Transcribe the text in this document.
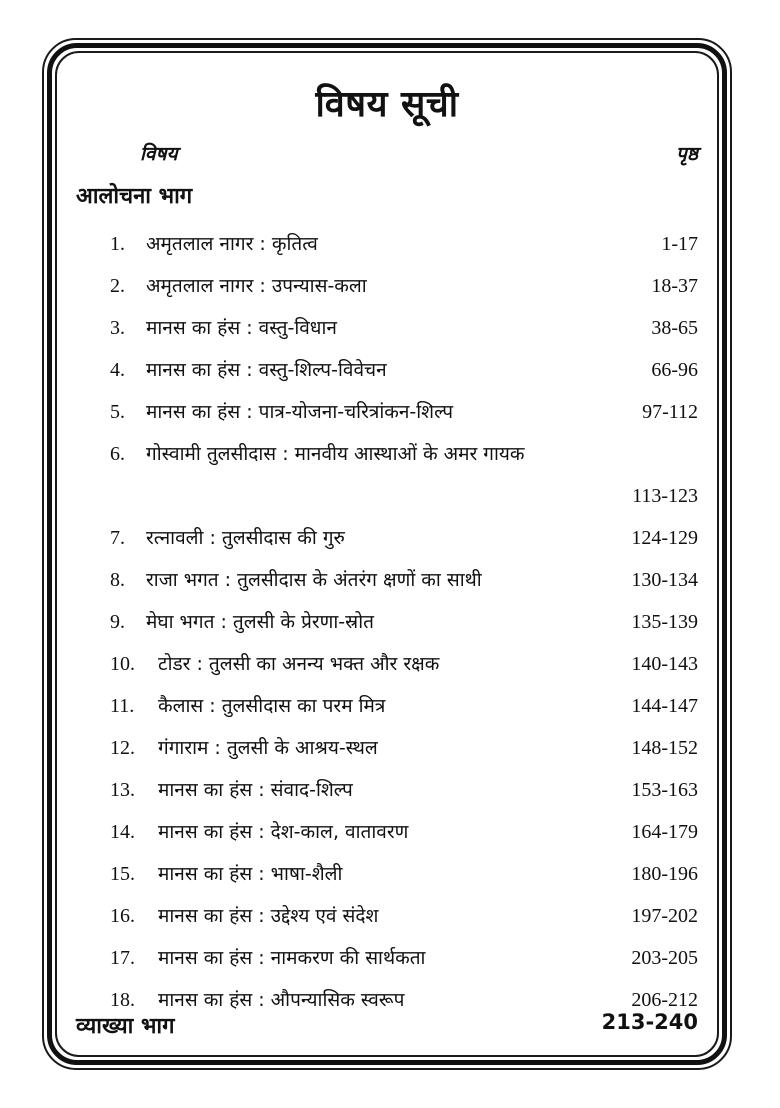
विषय सूची
विषय	पृष्ठ
आलोचना भाग
1. अमृतलाल नागर : कृतित्व	1-17
2. अमृतलाल नागर : उपन्यास-कला	18-37
3. मानस का हंस : वस्तु-विधान	38-65
4. मानस का हंस : वस्तु-शिल्प-विवेचन	66-96
5. मानस का हंस : पात्र-योजना-चरित्रांकन-शिल्प	97-112
6. गोस्वामी तुलसीदास : मानवीय आस्थाओं के अमर गायक
113-123
7. रत्नावली : तुलसीदास की गुरु	124-129
8. राजा भगत : तुलसीदास के अंतरंग क्षणों का साथी	130-134
9. मेघा भगत : तुलसी के प्रेरणा-स्रोत	135-139
10. टोडर : तुलसी का अनन्य भक्त और रक्षक	140-143
11. कैलास : तुलसीदास का परम मित्र	144-147
12. गंगाराम : तुलसी के आश्रय-स्थल	148-152
13. मानस का हंस : संवाद-शिल्प	153-163
14. मानस का हंस : देश-काल, वातावरण	164-179
15. मानस का हंस : भाषा-शैली	180-196
16. मानस का हंस : उद्देश्य एवं संदेश	197-202
17. मानस का हंस : नामकरण की सार्थकता	203-205
18. मानस का हंस : औपन्यासिक स्वरूप	206-212
व्याख्या भाग	213-240
